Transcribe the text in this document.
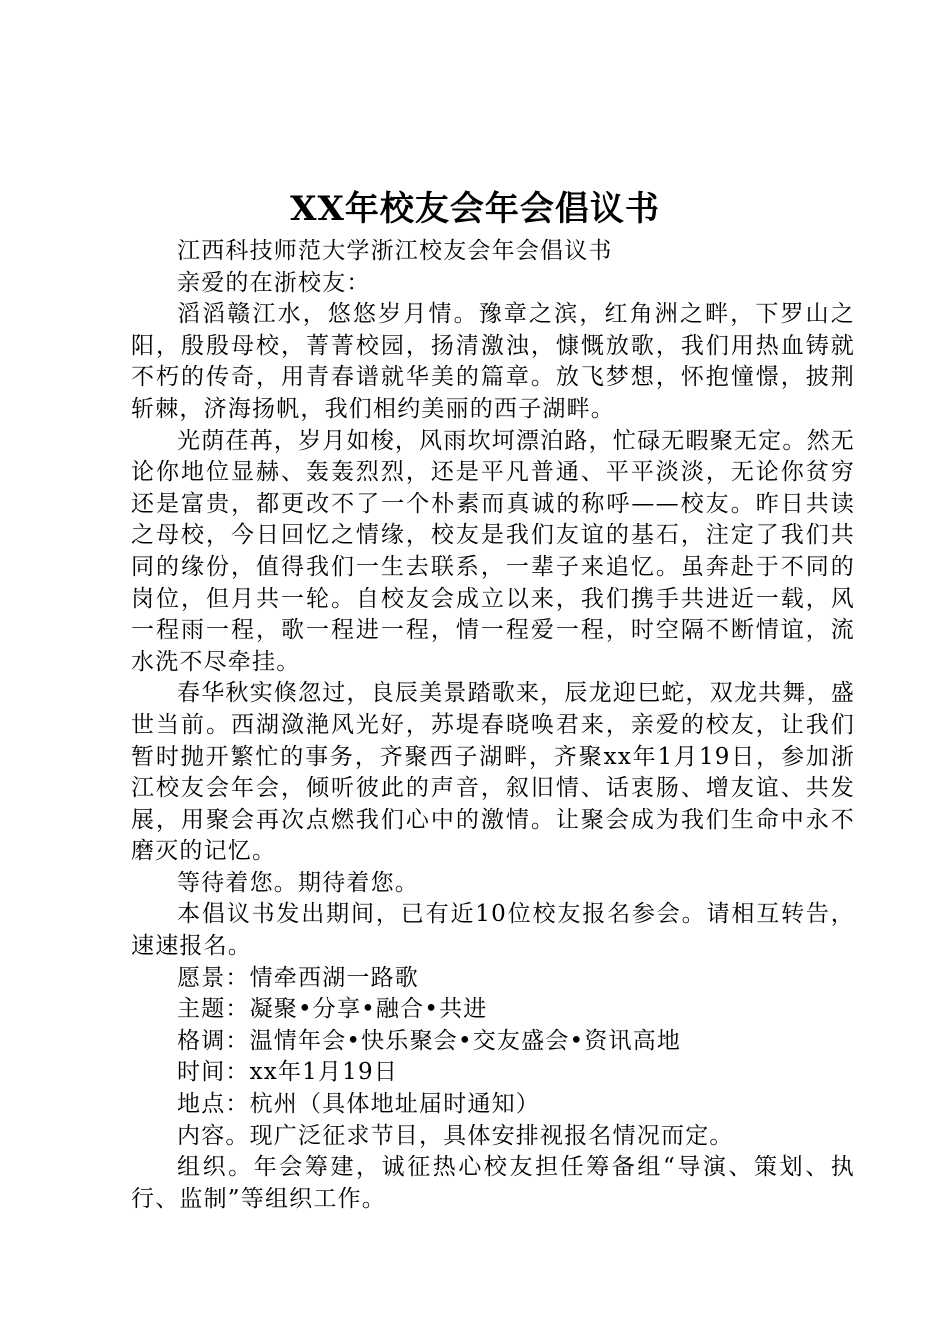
XX年校友会年会倡议书

江西科技师范大学浙江校友会年会倡议书

亲爱的在浙校友：

滔滔赣江水，悠悠岁月情。豫章之滨，红角洲之畔，下罗山之阳，殷殷母校，菁菁校园，扬清激浊，慷慨放歌，我们用热血铸就不朽的传奇，用青春谱就华美的篇章。放飞梦想，怀抱憧憬，披荆斩棘，济海扬帆，我们相约美丽的西子湖畔。

光荫荏苒，岁月如梭，风雨坎坷漂泊路，忙碌无暇聚无定。然无论你地位显赫、轰轰烈烈，还是平凡普通、平平淡淡，无论你贫穷还是富贵，都更改不了一个朴素而真诚的称呼——校友。昨日共读之母校，今日回忆之情缘，校友是我们友谊的基石，注定了我们共同的缘份，值得我们一生去联系，一辈子来追忆。虽奔赴于不同的岗位，但月共一轮。自校友会成立以来，我们携手共进近一载，风一程雨一程，歌一程进一程，情一程爱一程，时空隔不断情谊，流水洗不尽牵挂。

春华秋实倏忽过，良辰美景踏歌来，辰龙迎巳蛇，双龙共舞，盛世当前。西湖潋滟风光好，苏堤春晓唤君来，亲爱的校友，让我们暂时抛开繁忙的事务，齐聚西子湖畔，齐聚xx年1月19日，参加浙江校友会年会，倾听彼此的声音，叙旧情、话衷肠、增友谊、共发展，用聚会再次点燃我们心中的激情。让聚会成为我们生命中永不磨灭的记忆。

等待着您。期待着您。

本倡议书发出期间，已有近10位校友报名参会。请相互转告，速速报名。

愿景：情牵西湖一路歌

主题：凝聚•分享•融合•共进

格调：温情年会•快乐聚会•交友盛会•资讯高地

时间：xx年1月19日

地点：杭州（具体地址届时通知）

内容。现广泛征求节目，具体安排视报名情况而定。

组织。年会筹建，诚征热心校友担任筹备组“导演、策划、执行、监制”等组织工作。
